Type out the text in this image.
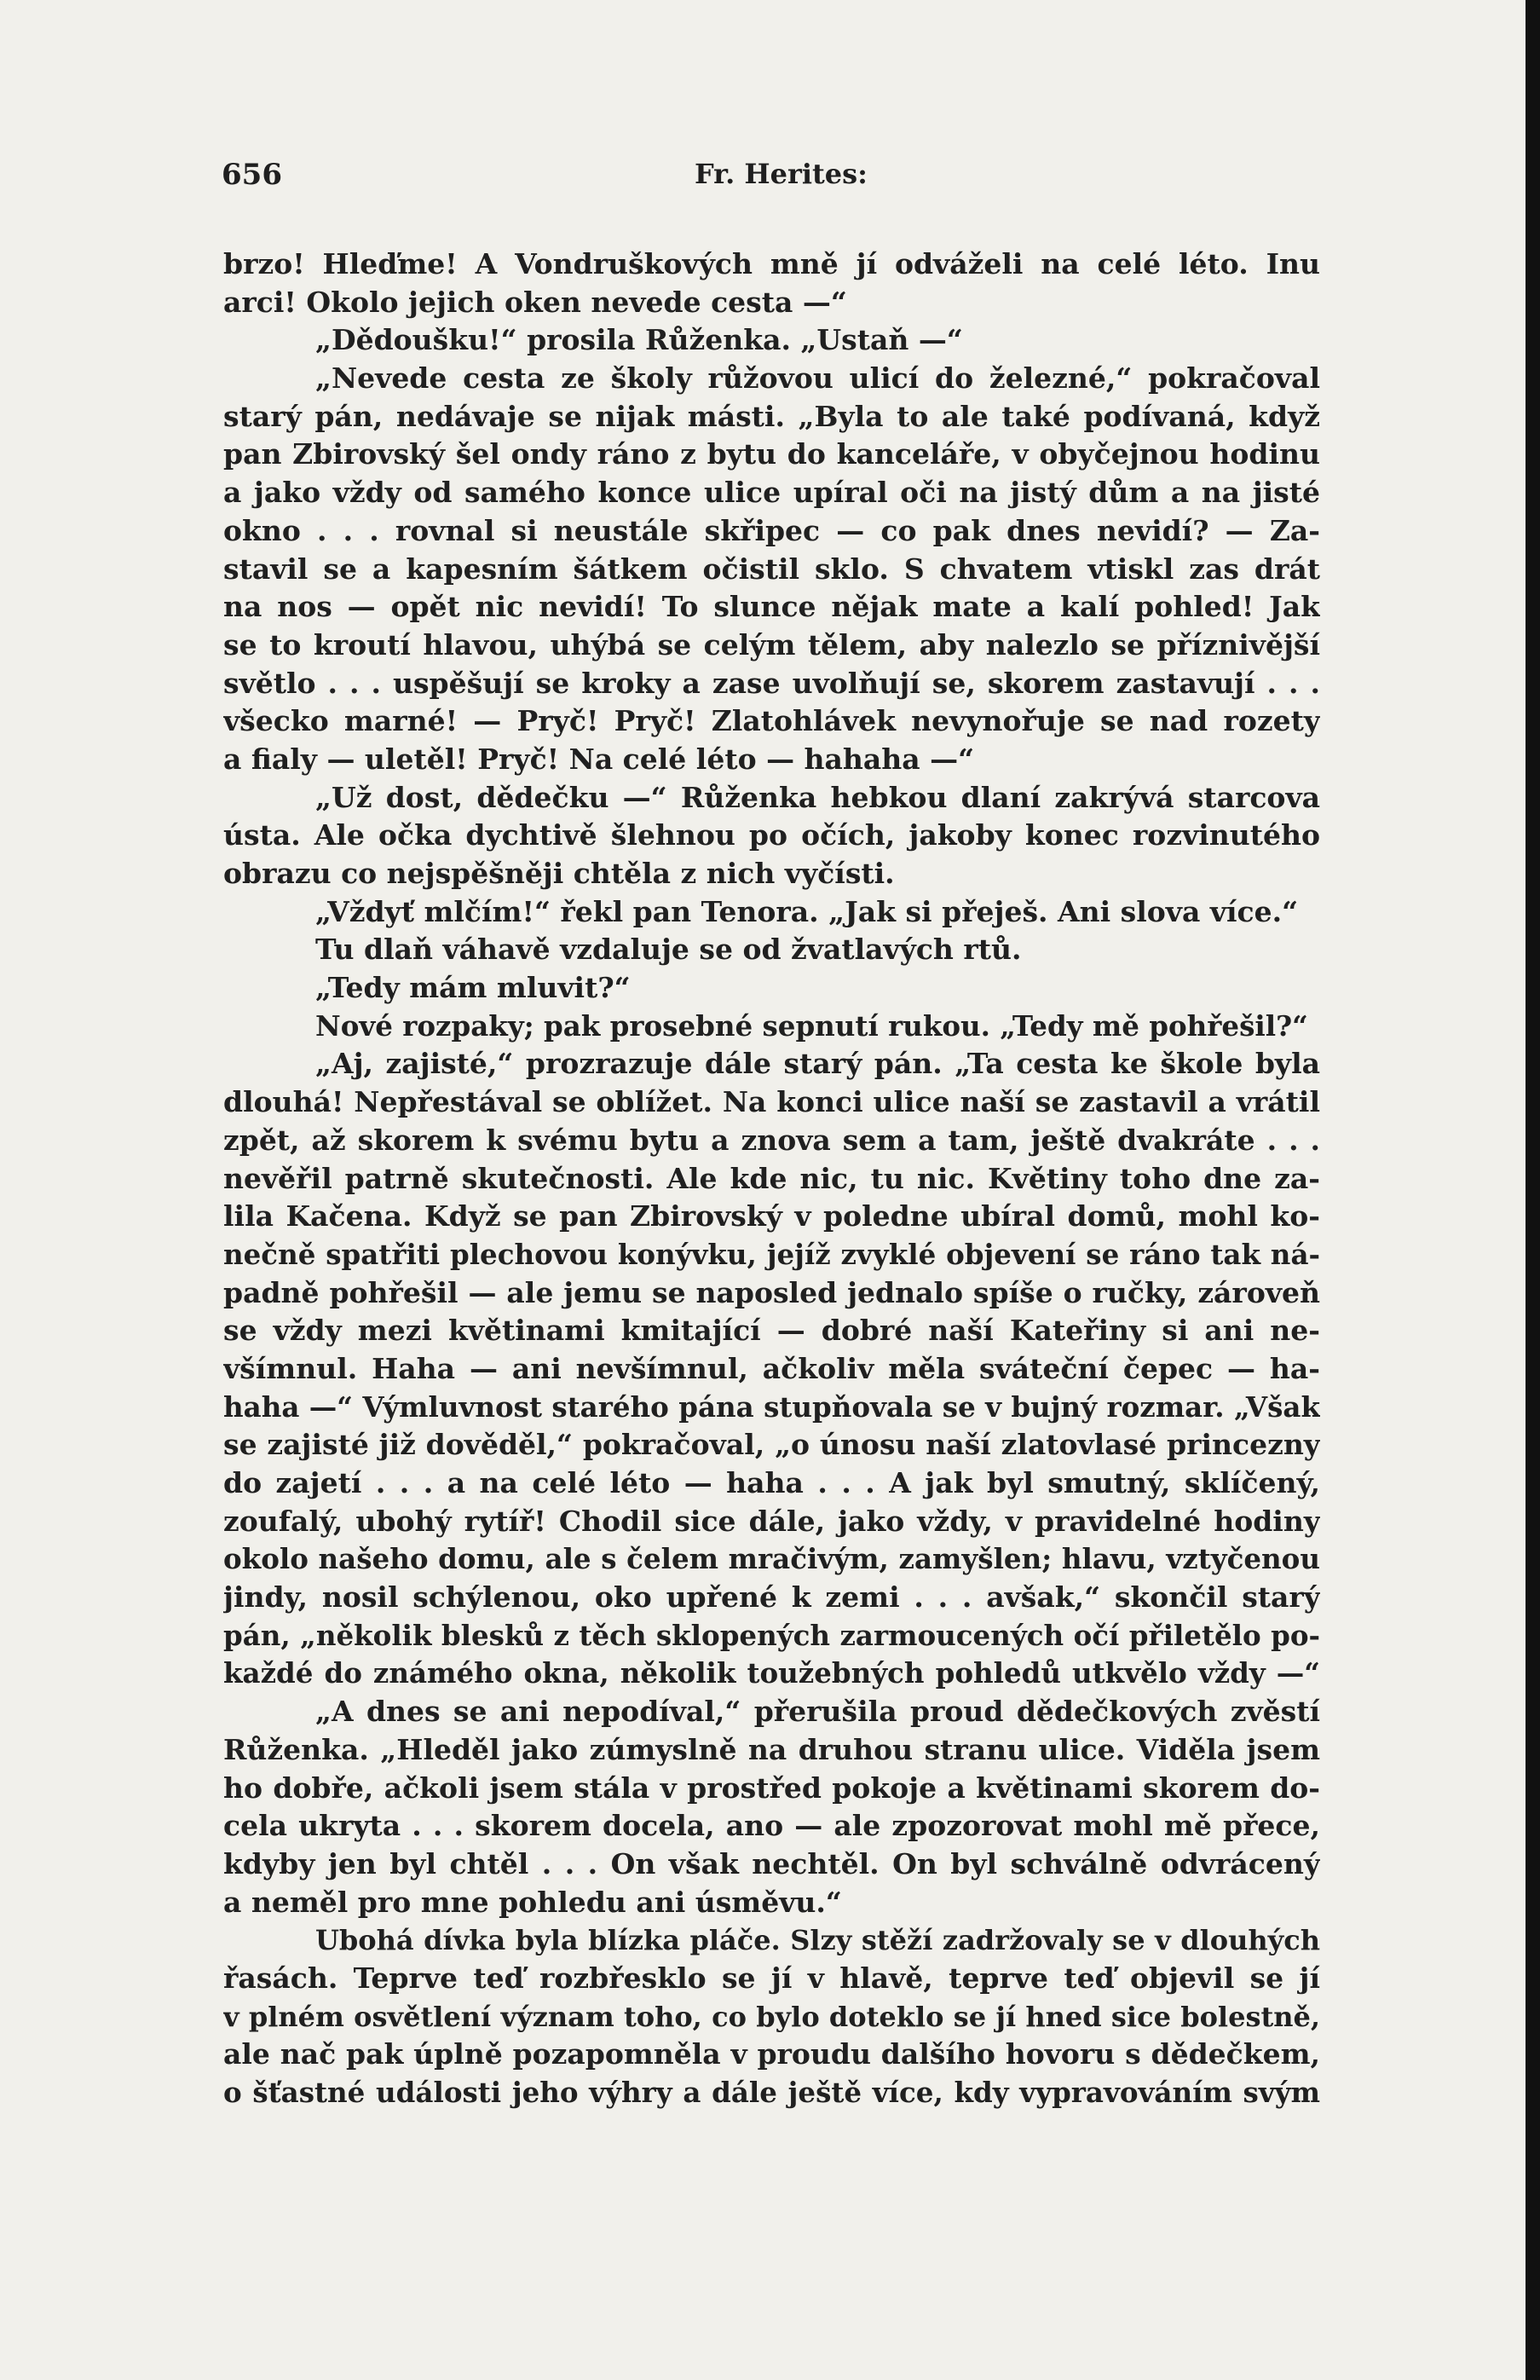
656	Fr. Herites:
brzo! Hleďme! A Vondruškových mně jí odváželi na celé léto. Inu
arci! Okolo jejich oken nevede cesta —“
„Dědoušku!“ prosila Růženka. „Ustaň —“
„Nevede cesta ze školy růžovou ulicí do železné,“ pokračoval
starý pán, nedávaje se nijak másti. „Byla to ale také podívaná, když
pan Zbirovský šel ondy ráno z bytu do kanceláře, v obyčejnou hodinu
a jako vždy od samého konce ulice upíral oči na jistý dům a na jisté
okno . . . rovnal si neustále skřipec — co pak dnes nevidí? — Za-
stavil se a kapesním šátkem očistil sklo. S chvatem vtiskl zas drát
na nos — opět nic nevidí! To slunce nějak mate a kalí pohled! Jak
se to kroutí hlavou, uhýbá se celým tělem, aby nalezlo se příznivější
světlo . . . uspěšují se kroky a zase uvolňují se, skorem zastavují . . .
všecko marné! — Pryč! Pryč! Zlatohlávek nevynořuje se nad rozety
a fialy — uletěl! Pryč! Na celé léto — hahaha —“
„Už dost, dědečku —“ Růženka hebkou dlaní zakrývá starcova
ústa. Ale očka dychtivě šlehnou po očích, jakoby konec rozvinutého
obrazu co nejspěšněji chtěla z nich vyčísti.
„Vždyť mlčím!“ řekl pan Tenora. „Jak si přeješ. Ani slova více.“
Tu dlaň váhavě vzdaluje se od žvatlavých rtů.
„Tedy mám mluvit?“
Nové rozpaky; pak prosebné sepnutí rukou. „Tedy mě pohřešil?“
„Aj, zajisté,“ prozrazuje dále starý pán. „Ta cesta ke škole byla
dlouhá! Nepřestával se oblížet. Na konci ulice naší se zastavil a vrátil
zpět, až skorem k svému bytu a znova sem a tam, ještě dvakráte . . .
nevěřil patrně skutečnosti. Ale kde nic, tu nic. Květiny toho dne za-
lila Kačena. Když se pan Zbirovský v poledne ubíral domů, mohl ko-
nečně spatřiti plechovou konývku, jejíž zvyklé objevení se ráno tak ná-
padně pohřešil — ale jemu se naposled jednalo spíše o ručky, zároveň
se vždy mezi květinami kmitající — dobré naší Kateřiny si ani ne-
všímnul. Haha — ani nevšímnul, ačkoliv měla sváteční čepec — ha-
haha —“ Výmluvnost starého pána stupňovala se v bujný rozmar. „Však
se zajisté již dověděl,“ pokračoval, „o únosu naší zlatovlasé princezny
do zajetí . . . a na celé léto — haha . . . A jak byl smutný, sklíčený,
zoufalý, ubohý rytíř! Chodil sice dále, jako vždy, v pravidelné hodiny
okolo našeho domu, ale s čelem mračivým, zamyšlen; hlavu, vztyčenou
jindy, nosil schýlenou, oko upřené k zemi . . . avšak,“ skončil starý
pán, „několik blesků z těch sklopených zarmoucených očí přiletělo po-
každé do známého okna, několik toužebných pohledů utkvělo vždy —“
„A dnes se ani nepodíval,“ přerušila proud dědečkových zvěstí
Růženka. „Hleděl jako zúmyslně na druhou stranu ulice. Viděla jsem
ho dobře, ačkoli jsem stála v prostřed pokoje a květinami skorem do-
cela ukryta . . . skorem docela, ano — ale zpozorovat mohl mě přece,
kdyby jen byl chtěl . . . On však nechtěl. On byl schválně odvrácený
a neměl pro mne pohledu ani úsměvu.“
Ubohá dívka byla blízka pláče. Slzy stěží zadržovaly se v dlouhých
řasách. Teprve teď rozbřesklo se jí v hlavě, teprve teď objevil se jí
v plném osvětlení význam toho, co bylo doteklo se jí hned sice bolestně,
ale nač pak úplně pozapomněla v proudu dalšího hovoru s dědečkem,
o šťastné události jeho výhry a dále ještě více, kdy vypravováním svým
